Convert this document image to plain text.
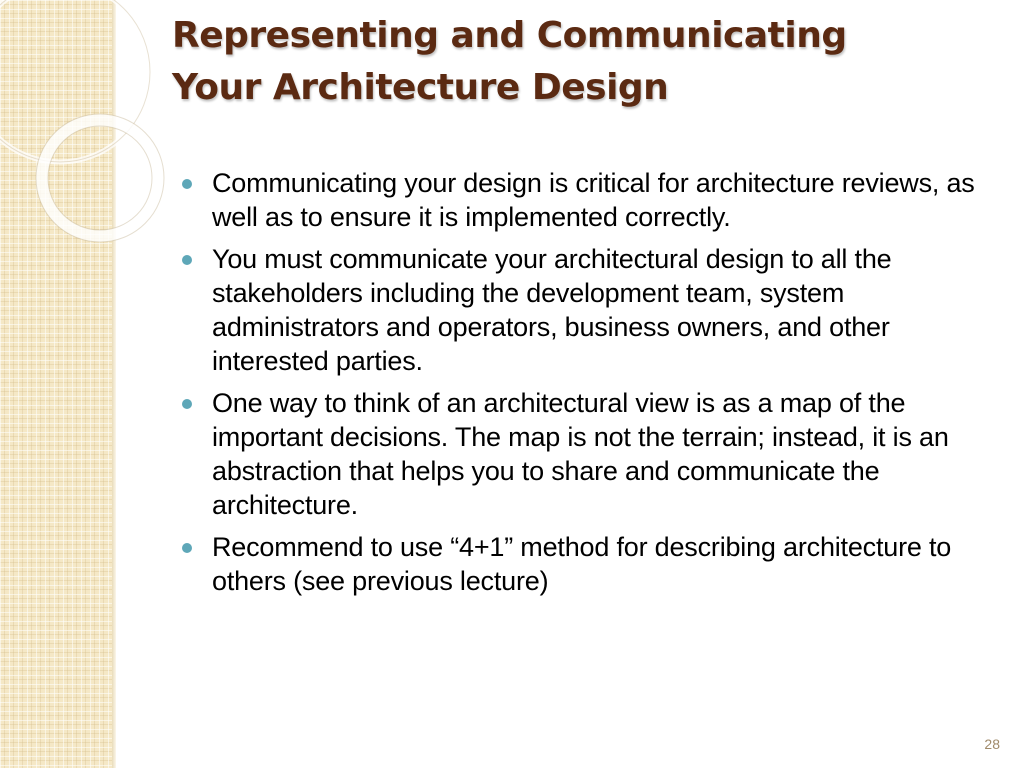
Representing and Communicating
Your Architecture Design
Communicating your design is critical for architecture reviews, as well as to ensure it is implemented correctly.
You must communicate your architectural design to all the stakeholders including the development team, system administrators and operators, business owners, and other interested parties.
One way to think of an architectural view is as a map of the important decisions. The map is not the terrain; instead, it is an abstraction that helps you to share and communicate the architecture.
Recommend to use “4+1” method for describing architecture to others (see previous lecture)
28
